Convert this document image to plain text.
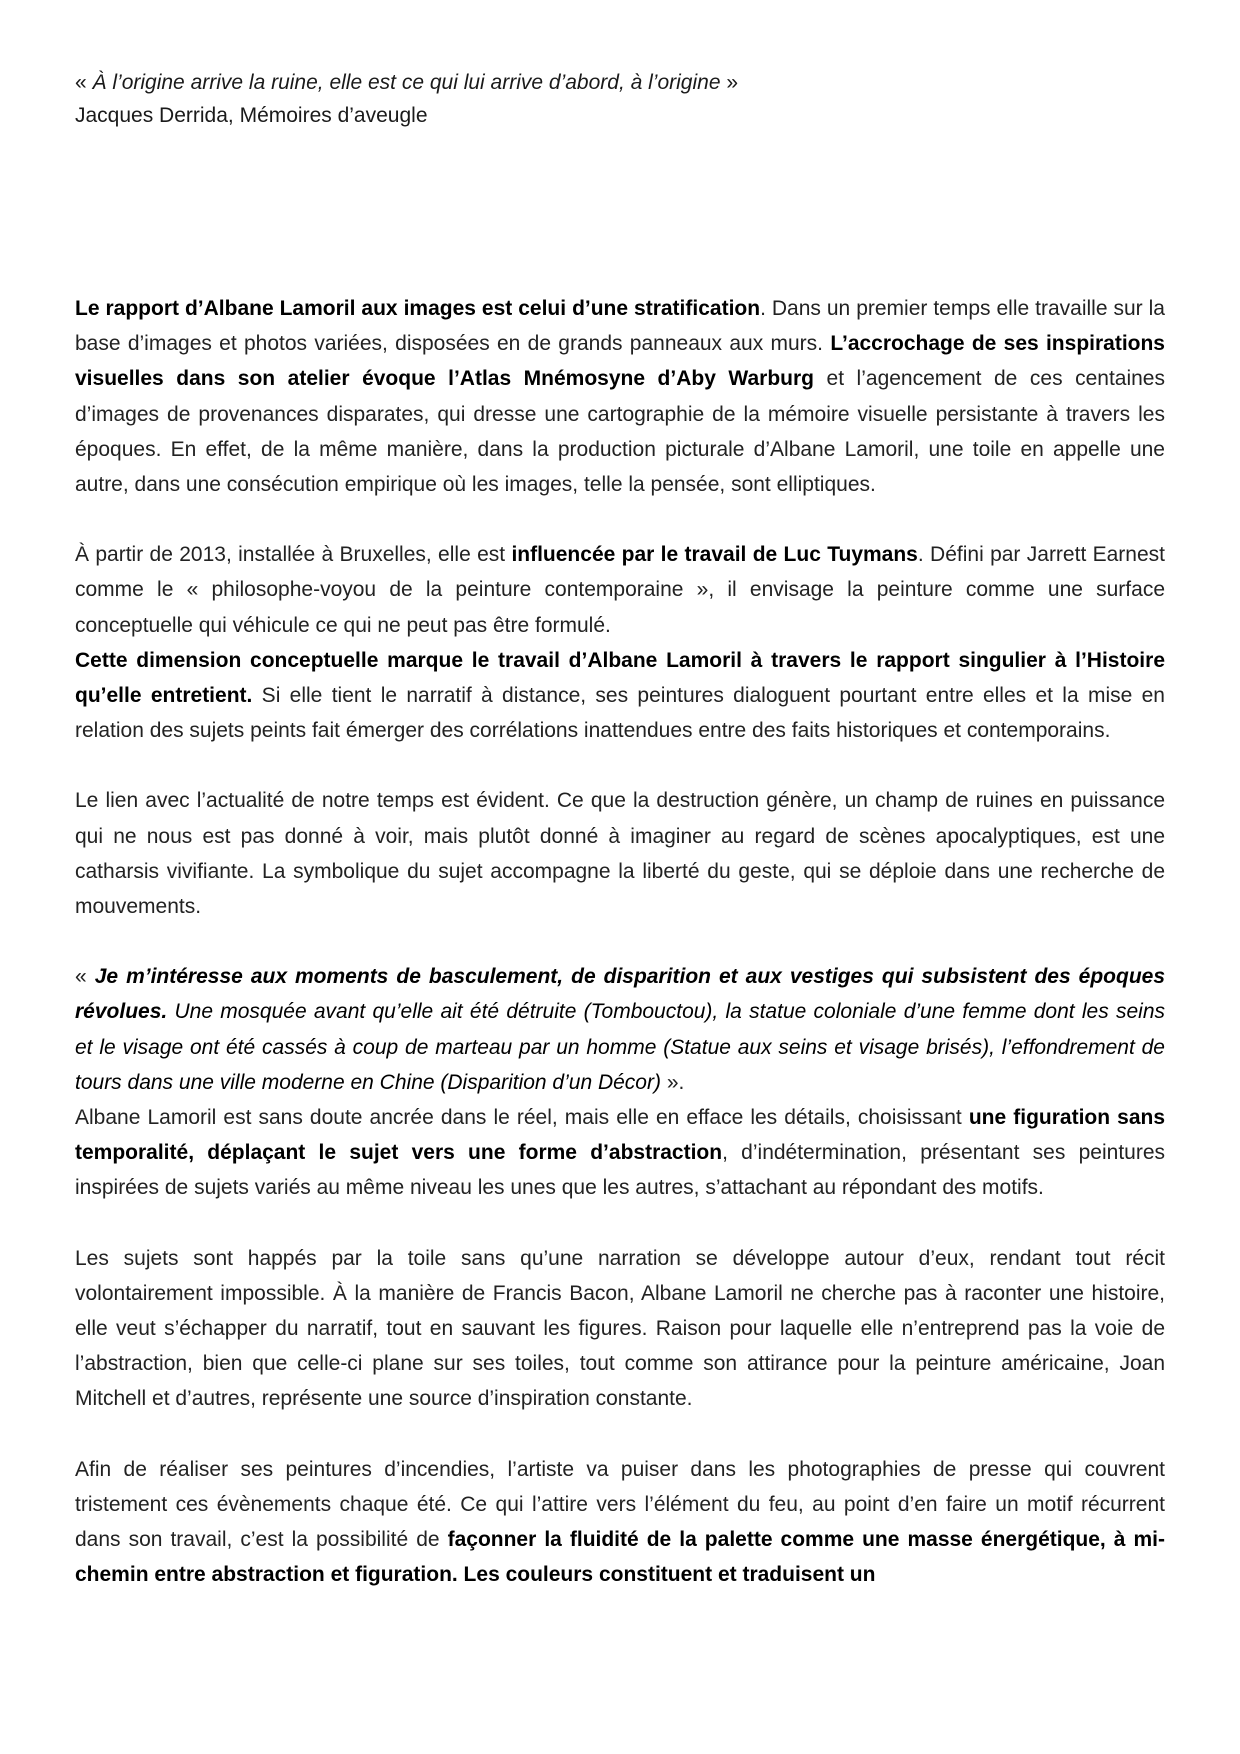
« À l’origine arrive la ruine, elle est ce qui lui arrive d’abord, à l’origine »

Jacques Derrida, Mémoires d’aveugle

Le rapport d’Albane Lamoril aux images est celui d’une stratification. Dans un premier temps elle travaille sur la base d’images et photos variées, disposées en de grands panneaux aux murs. L’accrochage de ses inspirations visuelles dans son atelier évoque l’Atlas Mnémosyne d’Aby Warburg et l’agencement de ces centaines d’images de provenances disparates, qui dresse une cartographie de la mémoire visuelle persistante à travers les époques. En effet, de la même manière, dans la production picturale d’Albane Lamoril, une toile en appelle une autre, dans une consécution empirique où les images, telle la pensée, sont elliptiques.

À partir de 2013, installée à Bruxelles, elle est influencée par le travail de Luc Tuymans. Défini par Jarrett Earnest comme le « philosophe-voyou de la peinture contemporaine », il envisage la peinture comme une surface conceptuelle qui véhicule ce qui ne peut pas être formulé.

Cette dimension conceptuelle marque le travail d’Albane Lamoril à travers le rapport singulier à l’Histoire qu’elle entretient. Si elle tient le narratif à distance, ses peintures dialoguent pourtant entre elles et la mise en relation des sujets peints fait émerger des corrélations inattendues entre des faits historiques et contemporains.

Le lien avec l’actualité de notre temps est évident. Ce que la destruction génère, un champ de ruines en puissance qui ne nous est pas donné à voir, mais plutôt donné à imaginer au regard de scènes apocalyptiques, est une catharsis vivifiante. La symbolique du sujet accompagne la liberté du geste, qui se déploie dans une recherche de mouvements.

« Je m’intéresse aux moments de basculement, de disparition et aux vestiges qui subsistent des époques révolues. Une mosquée avant qu’elle ait été détruite (Tombouctou), la statue coloniale d’une femme dont les seins et le visage ont été cassés à coup de marteau par un homme (Statue aux seins et visage brisés), l’effondrement de tours dans une ville moderne en Chine (Disparition d’un Décor) ».

Albane Lamoril est sans doute ancrée dans le réel, mais elle en efface les détails, choisissant une figuration sans temporalité, déplaçant le sujet vers une forme d’abstraction, d’indétermination, présentant ses peintures inspirées de sujets variés au même niveau les unes que les autres, s’attachant au répondant des motifs.

Les sujets sont happés par la toile sans qu’une narration se développe autour d’eux, rendant tout récit volontairement impossible. À la manière de Francis Bacon, Albane Lamoril ne cherche pas à raconter une histoire, elle veut s’échapper du narratif, tout en sauvant les figures. Raison pour laquelle elle n’entreprend pas la voie de l’abstraction, bien que celle-ci plane sur ses toiles, tout comme son attirance pour la peinture américaine, Joan Mitchell et d’autres, représente une source d’inspiration constante.

Afin de réaliser ses peintures d’incendies, l’artiste va puiser dans les photographies de presse qui couvrent tristement ces évènements chaque été. Ce qui l’attire vers l’élément du feu, au point d’en faire un motif récurrent dans son travail, c’est la possibilité de façonner la fluidité de la palette comme une masse énergétique, à mi-chemin entre abstraction et figuration. Les couleurs constituent et traduisent un
